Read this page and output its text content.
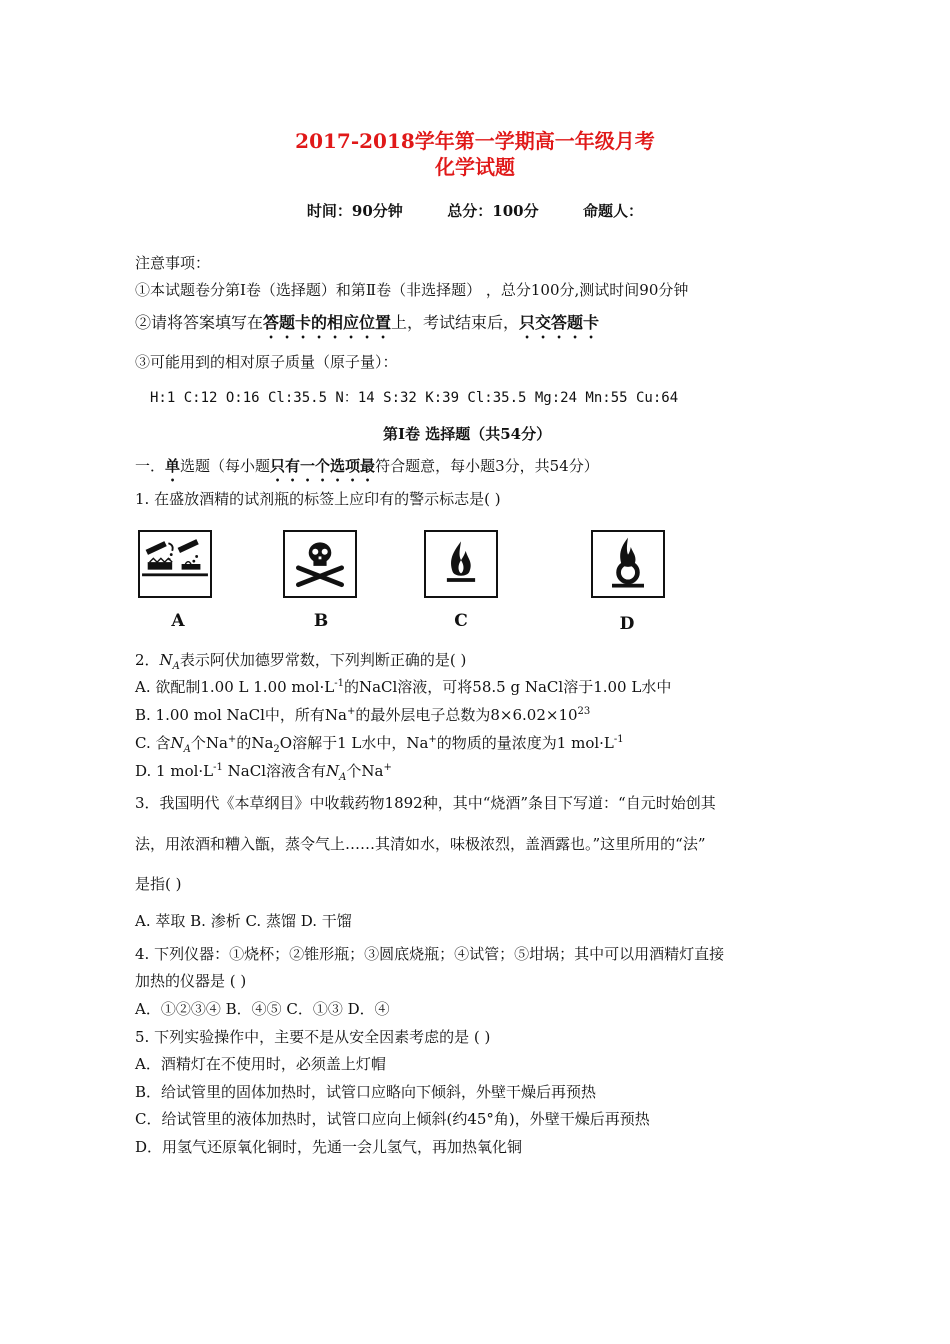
2017-2018学年第一学期高一年级月考
化学试题
时间：90分钟	总分：100分	命题人：
注意事项：
①本试题卷分第Ⅰ卷（选择题）和第Ⅱ卷（非选择题） ，总分100分,测试时间90分钟
②请将答案填写在答题卡的相应位置上，考试结束后，只交答题卡
③可能用到的相对原子质量（原子量）：
H:1 C:12 O:16 Cl:35.5 N：14 S:32 K:39 Cl:35.5 Mg:24 Mn:55 Cu:64
第Ⅰ卷 选择题（共54分）
一．单选题（每小题只有一个选项最符合题意，每小题3分，共54分）
1. 在盛放酒精的试剂瓶的标签上应印有的警示标志是( )
A	B	C	D
2．$N_A$表示阿伏加德罗常数，下列判断正确的是( )
A. 欲配制1.00 L 1.00 $mol\cdot L^{-1}$的NaCl溶液，可将58.5 g NaCl溶于1.00 L水中
B. 1.00 mol NaCl中，所有Na+的最外层电子总数为$8\times 6.02\times 10^{23}$
C. 含$N_A$个Na+的$Na_2O$溶解于1 L水中，Na+的物质的量浓度为1 $mol\cdot L^{-1}$
D. 1 $mol\cdot L^{-1}$ NaCl溶液含有$N_A$个Na+
3．我国明代《本草纲目》中收载药物1892种，其中“烧酒”条目下写道：“自元时始创其
法，用浓酒和糟入甑，蒸令气上……其清如水，味极浓烈，盖酒露也。”这里所用的“法”
是指( )
A. 萃取 B. 渗析 C. 蒸馏 D. 干馏
4. 下列仪器：①烧杯；②锥形瓶；③圆底烧瓶；④试管；⑤坩埚；其中可以用酒精灯直接
加热的仪器是 ( )
A．①②③④ B．④⑤ C．①③ D．④
5. 下列实验操作中，主要不是从安全因素考虑的是 ( )
A．酒精灯在不使用时，必须盖上灯帽
B．给试管里的固体加热时，试管口应略向下倾斜，外壁干燥后再预热
C．给试管里的液体加热时，试管口应向上倾斜(约45°角)，外壁干燥后再预热
D．用氢气还原氧化铜时，先通一会儿氢气，再加热氧化铜
